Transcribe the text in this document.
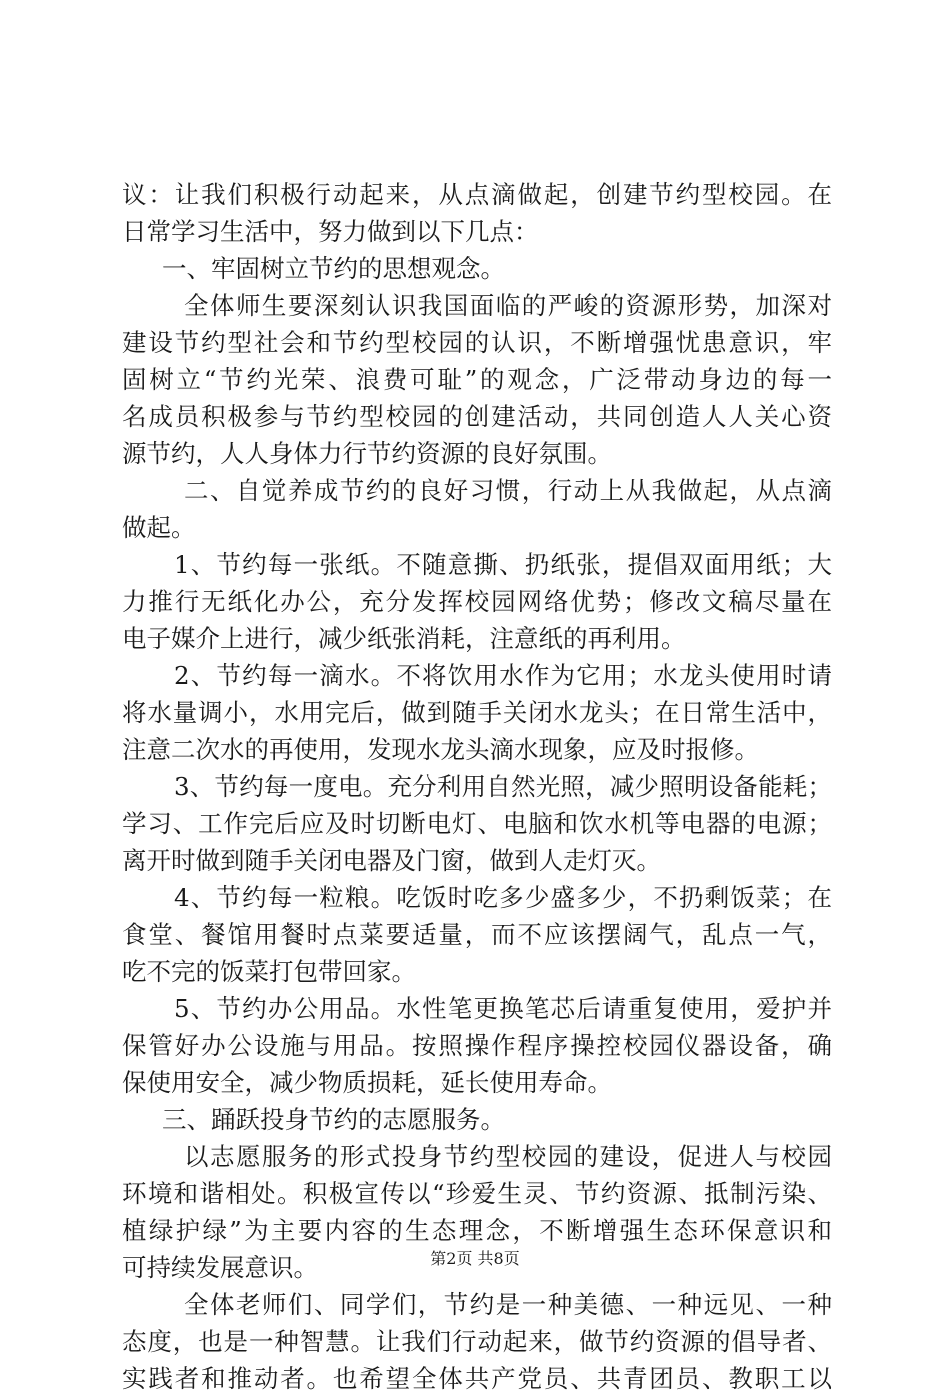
议：让我们积极行动起来，从点滴做起，创建节约型校园。在
日常学习生活中，努力做到以下几点：
一、牢固树立节约的思想观念。
全体师生要深刻认识我国面临的严峻的资源形势，加深对
建设节约型社会和节约型校园的认识，不断增强忧患意识，牢
固树立“节约光荣、浪费可耻”的观念，广泛带动身边的每一
名成员积极参与节约型校园的创建活动，共同创造人人关心资
源节约，人人身体力行节约资源的良好氛围。
二、自觉养成节约的良好习惯，行动上从我做起，从点滴
做起。
1、节约每一张纸。不随意撕、扔纸张，提倡双面用纸；大
力推行无纸化办公，充分发挥校园网络优势；修改文稿尽量在
电子媒介上进行，减少纸张消耗，注意纸的再利用。
2、节约每一滴水。不将饮用水作为它用；水龙头使用时请
将水量调小，水用完后，做到随手关闭水龙头；在日常生活中，
注意二次水的再使用，发现水龙头滴水现象，应及时报修。
3、节约每一度电。充分利用自然光照，减少照明设备能耗；
学习、工作完后应及时切断电灯、电脑和饮水机等电器的电源；
离开时做到随手关闭电器及门窗，做到人走灯灭。
4、节约每一粒粮。吃饭时吃多少盛多少，不扔剩饭菜；在
食堂、餐馆用餐时点菜要适量，而不应该摆阔气，乱点一气，
吃不完的饭菜打包带回家。
5、节约办公用品。水性笔更换笔芯后请重复使用，爱护并
保管好办公设施与用品。按照操作程序操控校园仪器设备，确
保使用安全，减少物质损耗，延长使用寿命。
三、踊跃投身节约的志愿服务。
以志愿服务的形式投身节约型校园的建设，促进人与校园
环境和谐相处。积极宣传以“珍爱生灵、节约资源、抵制污染、
植绿护绿”为主要内容的生态理念，不断增强生态环保意识和
可持续发展意识。
全体老师们、同学们，节约是一种美德、一种远见、一种
态度，也是一种智慧。让我们行动起来，做节约资源的倡导者、
实践者和推动者。也希望全体共产党员、共青团员、教职工以
第2页 共8页
